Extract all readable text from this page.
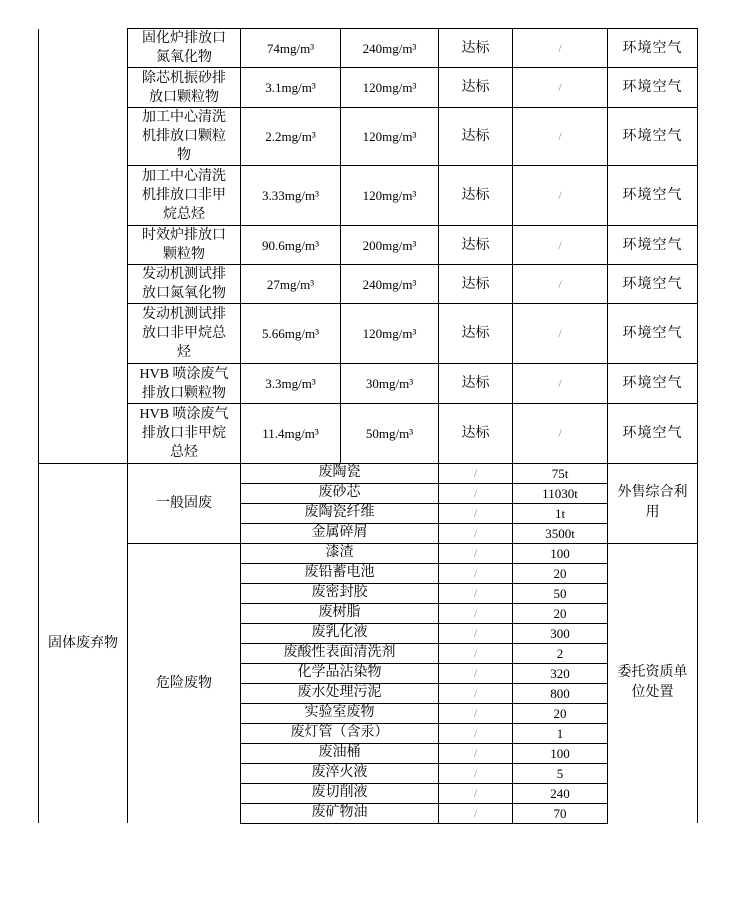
	固化炉排放口氮氧化物	74mg/m³	240mg/m³	达标	/	环境空气
	除芯机振砂排放口颗粒物	3.1mg/m³	120mg/m³	达标	/	环境空气
	加工中心清洗机排放口颗粒物	2.2mg/m³	120mg/m³	达标	/	环境空气
	加工中心清洗机排放口非甲烷总烃	3.33mg/m³	120mg/m³	达标	/	环境空气
	时效炉排放口颗粒物	90.6mg/m³	200mg/m³	达标	/	环境空气
	发动机测试排放口氮氧化物	27mg/m³	240mg/m³	达标	/	环境空气
	发动机测试排放口非甲烷总烃	5.66mg/m³	120mg/m³	达标	/	环境空气
	HVB 喷涂废气排放口颗粒物	3.3mg/m³	30mg/m³	达标	/	环境空气
	HVB 喷涂废气排放口非甲烷总烃	11.4mg/m³	50mg/m³	达标	/	环境空气
固体废弃物	一般固废	废陶瓷	/	75t	外售综合利用
		废砂芯	/	11030t	
		废陶瓷纤维	/	1t	
		金属碎屑	/	3500t	
	危险废物	漆渣	/	100	委托资质单位处置
		废铅蓄电池	/	20	
		废密封胶	/	50	
		废树脂	/	20	
		废乳化液	/	300	
		废酸性表面清洗剂	/	2	
		化学品沾染物	/	320	
		废水处理污泥	/	800	
		实验室废物	/	20	
		废灯管（含汞）	/	1	
		废油桶	/	100	
		废淬火液	/	5	
		废切削液	/	240	
		废矿物油	/	70	
